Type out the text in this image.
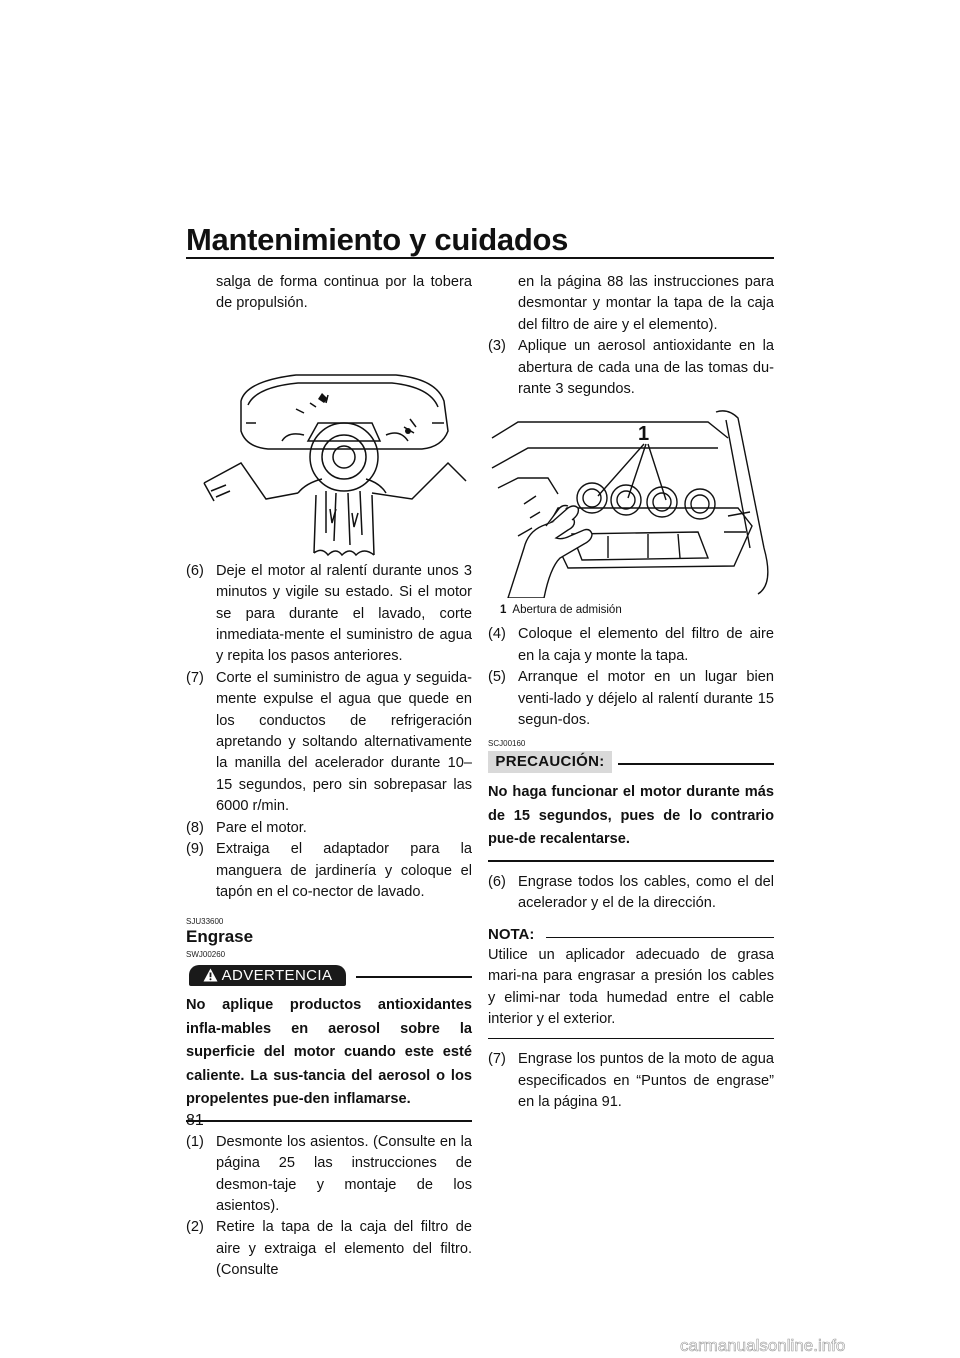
Mantenimiento y cuidados

salga de forma continua por la tobera de propulsión.

(6) Deje el motor al ralentí durante unos 3 minutos y vigile su estado. Si el motor se para durante el lavado, corte inmediata-mente el suministro de agua y repita los pasos anteriores.
(7) Corte el suministro de agua y seguida-mente expulse el agua que quede en los conductos de refrigeración apretando y soltando alternativamente la manilla del acelerador durante 10–15 segundos, pero sin sobrepasar las 6000 r/min.
(8) Pare el motor.
(9) Extraiga el adaptador para la manguera de jardinería y coloque el tapón en el co-nector de lavado.
SJU33600
Engrase
SWJ00260
ADVERTENCIA

No aplique productos antioxidantes infla-mables en aerosol sobre la superficie del motor cuando este esté caliente. La sus-tancia del aerosol o los propelentes pue-den inflamarse.

(1) Desmonte los asientos. (Consulte en la página 25 las instrucciones de desmon-taje y montaje de los asientos).
(2) Retire la tapa de la caja del filtro de aire y extraiga el elemento del filtro. (Consulte

en la página 88 las instrucciones para desmontar y montar la tapa de la caja del filtro de aire y el elemento).

(3) Aplique un aerosol antioxidante en la abertura de cada una de las tomas du-rante 3 segundos.
1
1 Abertura de admisión
(4) Coloque el elemento del filtro de aire en la caja y monte la tapa.
(5) Arranque el motor en un lugar bien venti-lado y déjelo al ralentí durante 15 segun-dos.
SCJ00160
PRECAUCIÓN:

No haga funcionar el motor durante más de 15 segundos, pues de lo contrario pue-de recalentarse.

(6) Engrase todos los cables, como el del acelerador y el de la dirección.
NOTA:

Utilice un aplicador adecuado de grasa mari-na para engrasar a presión los cables y elimi-nar toda humedad entre el cable interior y el exterior.

(7) Engrase los puntos de la moto de agua especificados en “Puntos de engrase” en la página 91.
81
carmanualsonline.info
